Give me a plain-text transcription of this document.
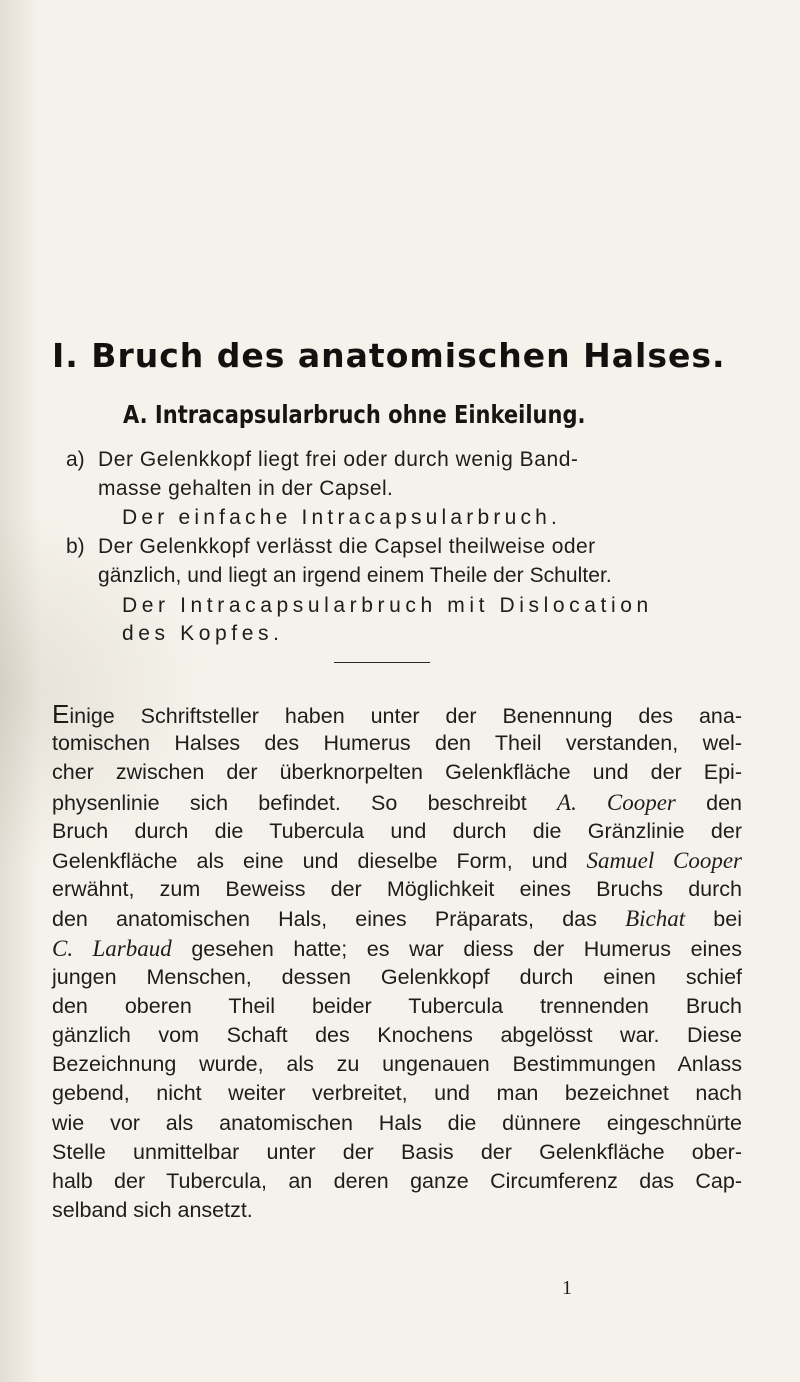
I. Bruch des anatomischen Halses.
A. Intracapsularbruch ohne Einkeilung.
a) Der Gelenkkopf liegt frei oder durch wenig Band-
masse gehalten in der Capsel.
Der einfache Intracapsularbruch.
b) Der Gelenkkopf verlässt die Capsel theilweise oder
gänzlich, und liegt an irgend einem Theile der Schulter.
Der Intracapsularbruch mit Dislocation
des Kopfes.
Einige Schriftsteller haben unter der Benennung des ana-
tomischen Halses des Humerus den Theil verstanden, wel-
cher zwischen der überknorpelten Gelenkfläche und der Epi-
physenlinie sich befindet. So beschreibt A. Cooper den
Bruch durch die Tubercula und durch die Gränzlinie der
Gelenkfläche als eine und dieselbe Form, und Samuel Cooper
erwähnt, zum Beweiss der Möglichkeit eines Bruchs durch
den anatomischen Hals, eines Präparats, das Bichat bei
C. Larbaud gesehen hatte; es war diess der Humerus eines
jungen Menschen, dessen Gelenkkopf durch einen schief
den oberen Theil beider Tubercula trennenden Bruch
gänzlich vom Schaft des Knochens abgelösst war. Diese
Bezeichnung wurde, als zu ungenauen Bestimmungen Anlass
gebend, nicht weiter verbreitet, und man bezeichnet nach
wie vor als anatomischen Hals die dünnere eingeschnürte
Stelle unmittelbar unter der Basis der Gelenkfläche ober-
halb der Tubercula, an deren ganze Circumferenz das Cap-
selband sich ansetzt.
1
